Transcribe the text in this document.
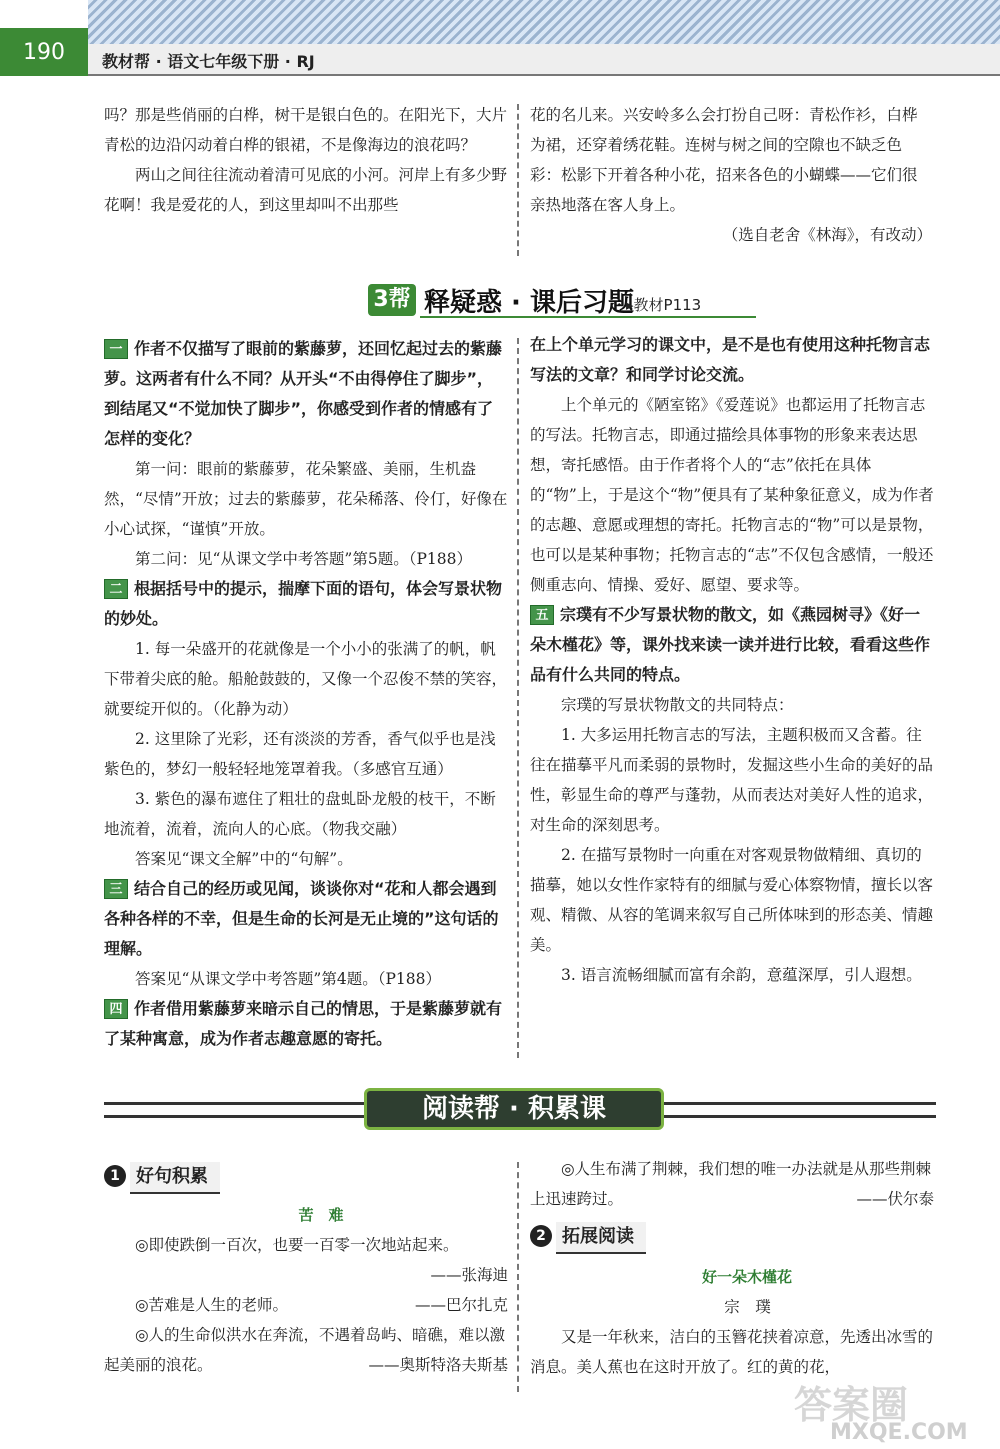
190	教材帮 · 语文七年级下册 · RJ

吗？那是些俏丽的白桦，树干是银白色的。在阳光下，大片青松的边沿闪动着白桦的银裙，不是像海边的浪花吗？

两山之间往往流动着清可见底的小河。河岸上有多少野花啊！我是爱花的人，到这里却叫不出那些

花的名儿来。兴安岭多么会打扮自己呀：青松作衫，白桦为裙，还穿着绣花鞋。连树与树之间的空隙也不缺乏色彩：松影下开着各种小花，招来各色的小蝴蝶——它们很亲热地落在客人身上。

（选自老舍《林海》，有改动）

3帮 释疑惑 · 课后习题
▸教材P113
一 作者不仅描写了眼前的紫藤萝，还回忆起过去的紫藤萝。这两者有什么不同？从开头“不由得停住了脚步”，到结尾又“不觉加快了脚步”，你感受到作者的情感有了怎样的变化？

第一问：眼前的紫藤萝，花朵繁盛、美丽，生机盎然，“尽情”开放；过去的紫藤萝，花朵稀落、伶仃，好像在小心试探，“谨慎”开放。

第二问：见“从课文学中考答题”第5题。（P188）

二 根据括号中的提示，揣摩下面的语句，体会写景状物的妙处。

1. 每一朵盛开的花就像是一个小小的张满了的帆，帆下带着尖底的舱。船舱鼓鼓的，又像一个忍俊不禁的笑容，就要绽开似的。（化静为动）

2. 这里除了光彩，还有淡淡的芳香，香气似乎也是浅紫色的，梦幻一般轻轻地笼罩着我。（多感官互通）

3. 紫色的瀑布遮住了粗壮的盘虬卧龙般的枝干，不断地流着，流着，流向人的心底。（物我交融）

答案见“课文全解”中的“句解”。

三 结合自己的经历或见闻，谈谈你对“花和人都会遇到各种各样的不幸，但是生命的长河是无止境的”这句话的理解。

答案见“从课文学中考答题”第4题。（P188）

四 作者借用紫藤萝来暗示自己的情思，于是紫藤萝就有了某种寓意，成为作者志趣意愿的寄托。
在上个单元学习的课文中，是不是也有使用这种托物言志写法的文章？和同学讨论交流。

上个单元的《陋室铭》《爱莲说》也都运用了托物言志的写法。托物言志，即通过描绘具体事物的形象来表达思想，寄托感悟。由于作者将个人的“志”依托在具体的“物”上，于是这个“物”便具有了某种象征意义，成为作者的志趣、意愿或理想的寄托。托物言志的“物”可以是景物，也可以是某种事物；托物言志的“志”不仅包含感情，一般还侧重志向、情操、爱好、愿望、要求等。

五 宗璞有不少写景状物的散文，如《燕园树寻》《好一朵木槿花》等，课外找来读一读并进行比较，看看这些作品有什么共同的特点。

宗璞的写景状物散文的共同特点：

1. 大多运用托物言志的写法，主题积极而又含蓄。往往在描摹平凡而柔弱的景物时，发掘这些小生命的美好的品性，彰显生命的尊严与蓬勃，从而表达对美好人性的追求，对生命的深刻思考。

2. 在描写景物时一向重在对客观景物做精细、真切的描摹，她以女性作家特有的细腻与爱心体察物情，擅长以客观、精微、从容的笔调来叙写自己所体味到的形态美、情趣美。

3. 语言流畅细腻而富有余韵，意蕴深厚，引人遐想。

阅读帮 · 积累课
1 好句积累

苦　难

◎即使跌倒一百次，也要一百零一次地站起来。

——张海迪

◎苦难是人生的老师。	——巴尔扎克

◎人的生命似洪水在奔流，不遇着岛屿、暗礁，难以激起美丽的浪花。	——奥斯特洛夫斯基

◎人生布满了荆棘，我们想的唯一办法就是从那些荆棘上迅速跨过。	——伏尔泰

2 拓展阅读

好一朵木槿花

宗　璞

又是一年秋来，洁白的玉簪花挟着凉意，先透出冰雪的消息。美人蕉也在这时开放了。红的黄的花，

答案圈
MXQE.COM
